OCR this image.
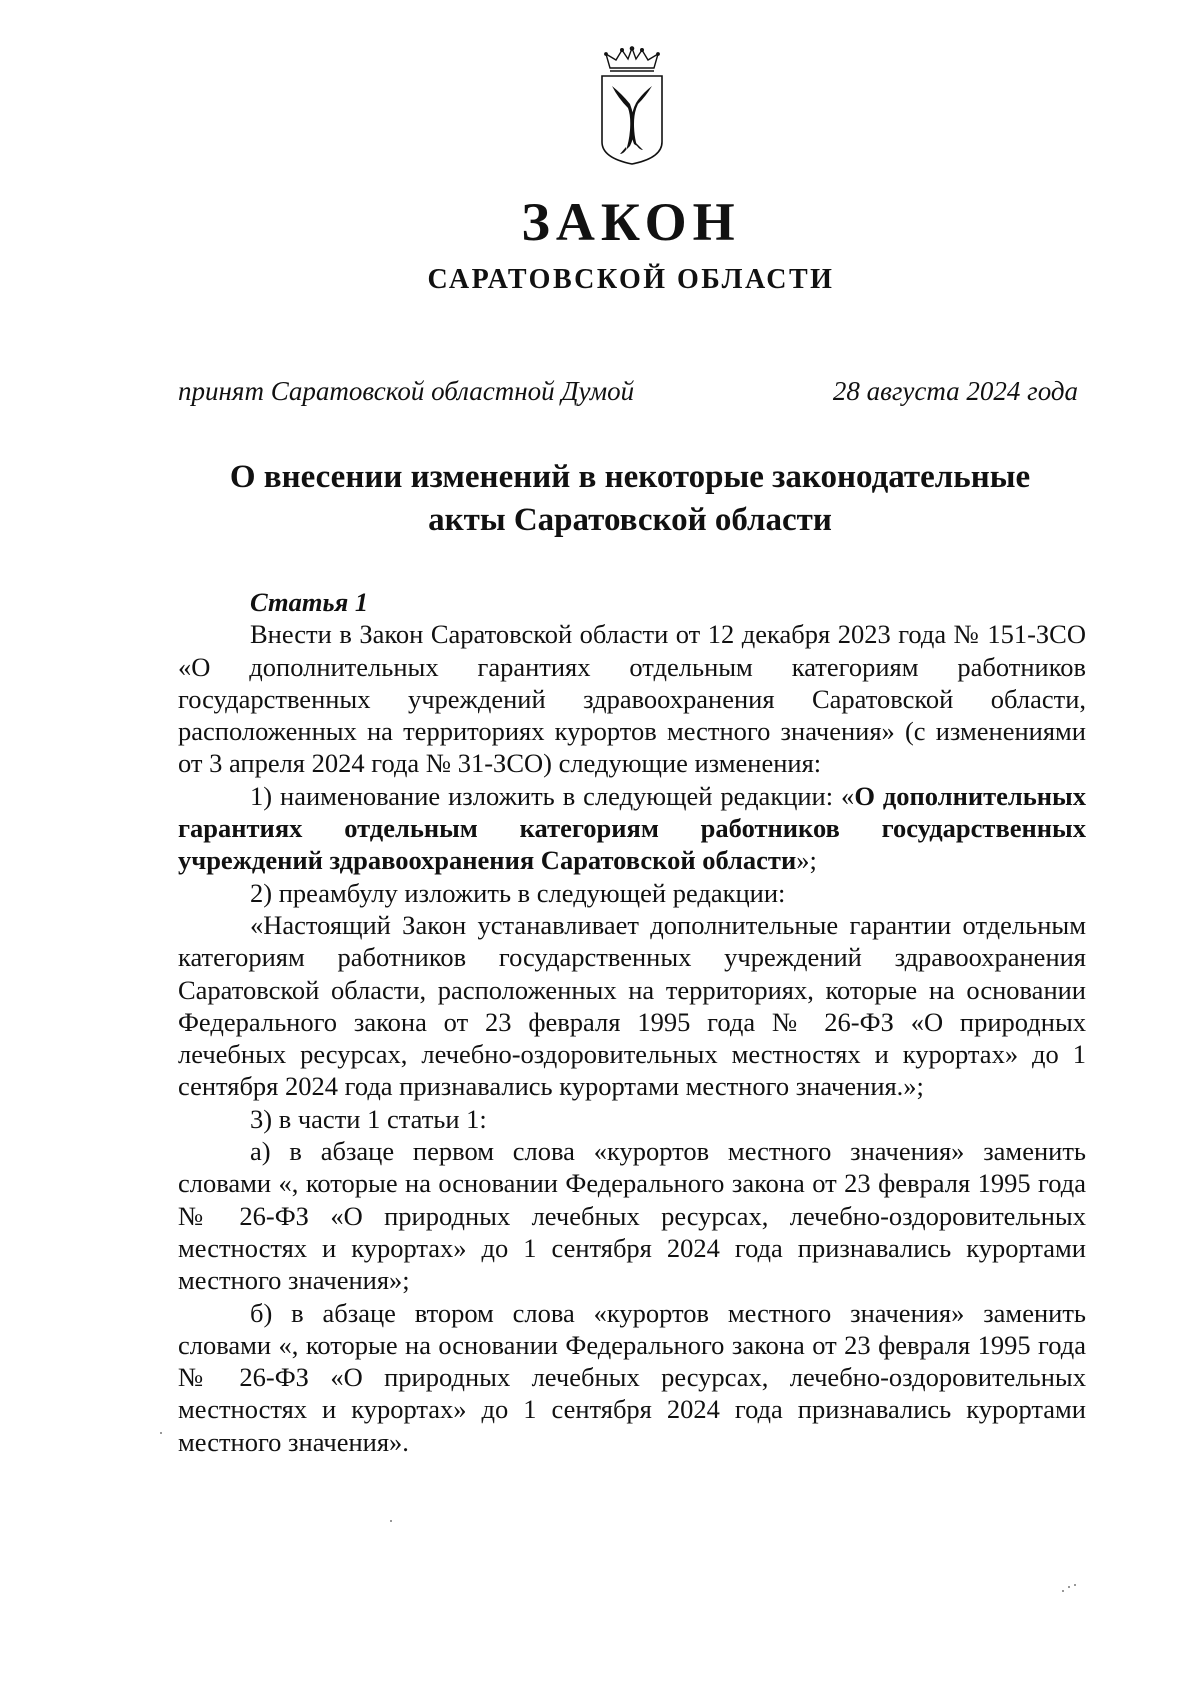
ЗАКОН
САРАТОВСКОЙ ОБЛАСТИ
принят Саратовской областной Думой	28 августа 2024 года
О внесении изменений в некоторые законодательные
акты Саратовской области
Статья 1

Внести в Закон Саратовской области от 12 декабря 2023 года № 151-ЗСО «О дополнительных гарантиях отдельным категориям работников государственных учреждений здравоохранения Саратовской области, расположенных на территориях курортов местного значения» (с изменениями от 3 апреля 2024 года № 31-ЗСО) следующие изменения:

1) наименование изложить в следующей редакции: «О дополнительных гарантиях отдельным категориям работников государственных учреждений здравоохранения Саратовской области»;

2) преамбулу изложить в следующей редакции:

«Настоящий Закон устанавливает дополнительные гарантии отдельным категориям работников государственных учреждений здравоохранения Саратовской области, расположенных на территориях, которые на основании Федерального закона от 23 февраля 1995 года № 26-ФЗ «О природных лечебных ресурсах, лечебно-оздоровительных местностях и курортах» до 1 сентября 2024 года признавались курортами местного значения.»;

3) в части 1 статьи 1:

а) в абзаце первом слова «курортов местного значения» заменить словами «, которые на основании Федерального закона от 23 февраля 1995 года № 26-ФЗ «О природных лечебных ресурсах, лечебно-оздоровительных местностях и курортах» до 1 сентября 2024 года признавались курортами местного значения»;

б) в абзаце втором слова «курортов местного значения» заменить словами «, которые на основании Федерального закона от 23 февраля 1995 года № 26-ФЗ «О природных лечебных ресурсах, лечебно-оздоровительных местностях и курортах» до 1 сентября 2024 года признавались курортами местного значения».
